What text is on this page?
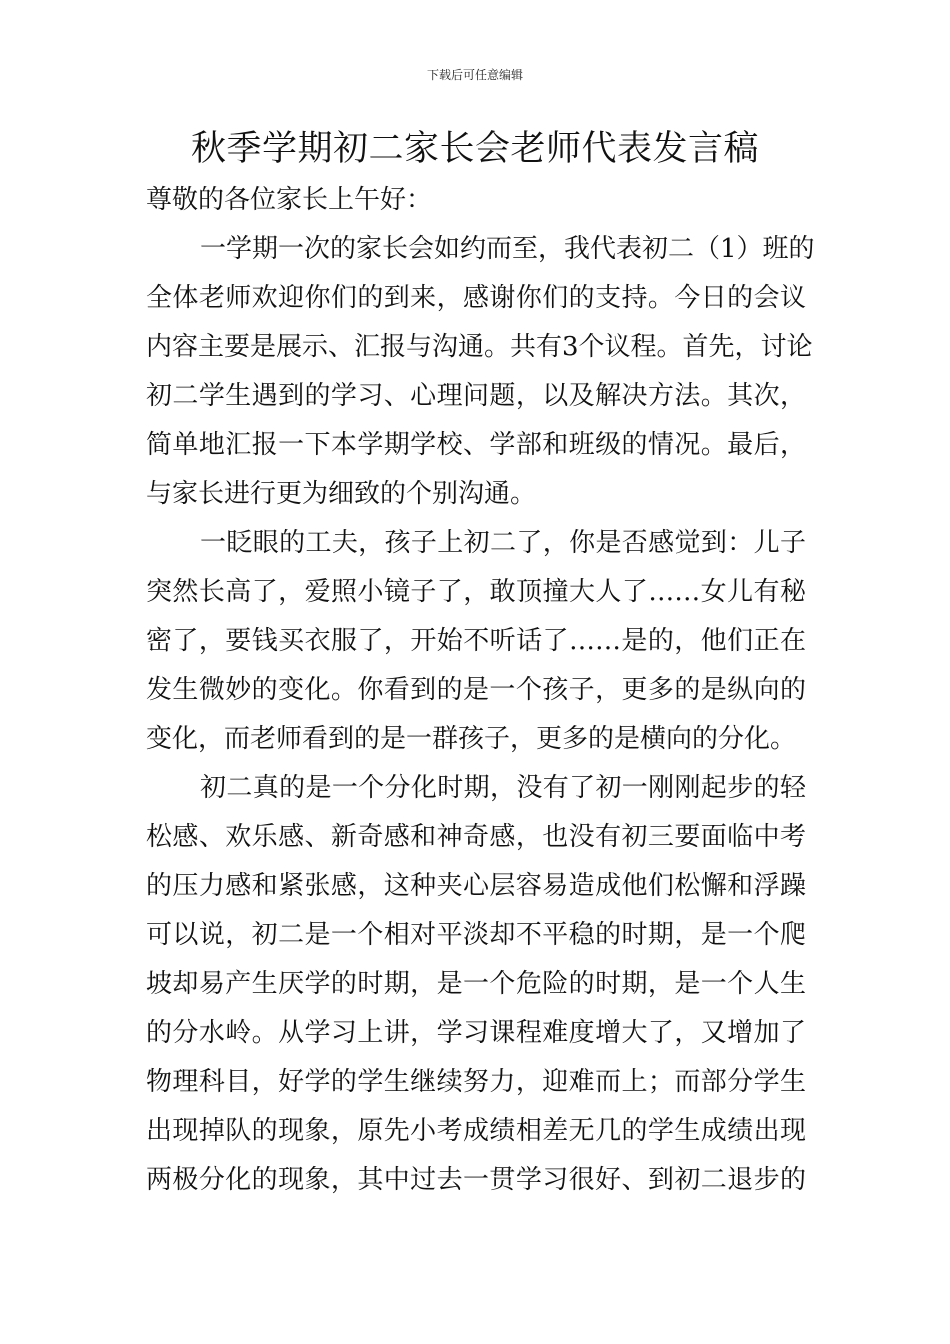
下载后可任意编辑
秋季学期初二家长会老师代表发言稿
尊敬的各位家长上午好：
一学期一次的家长会如约而至，我代表初二（1）班的
全体老师欢迎你们的到来，感谢你们的支持。今日的会议
内容主要是展示、汇报与沟通。共有3个议程。首先，讨论
初二学生遇到的学习、心理问题，以及解决方法。其次，
简单地汇报一下本学期学校、学部和班级的情况。最后，
与家长进行更为细致的个别沟通。
一眨眼的工夫，孩子上初二了，你是否感觉到：儿子
突然长高了，爱照小镜子了，敢顶撞大人了……女儿有秘
密了，要钱买衣服了，开始不听话了……是的，他们正在
发生微妙的变化。你看到的是一个孩子，更多的是纵向的
变化，而老师看到的是一群孩子，更多的是横向的分化。
初二真的是一个分化时期，没有了初一刚刚起步的轻
松感、欢乐感、新奇感和神奇感，也没有初三要面临中考
的压力感和紧张感，这种夹心层容易造成他们松懈和浮躁
可以说，初二是一个相对平淡却不平稳的时期，是一个爬
坡却易产生厌学的时期，是一个危险的时期，是一个人生
的分水岭。从学习上讲，学习课程难度增大了，又增加了
物理科目，好学的学生继续努力，迎难而上；而部分学生
出现掉队的现象，原先小考成绩相差无几的学生成绩出现
两极分化的现象，其中过去一贯学习很好、到初二退步的
